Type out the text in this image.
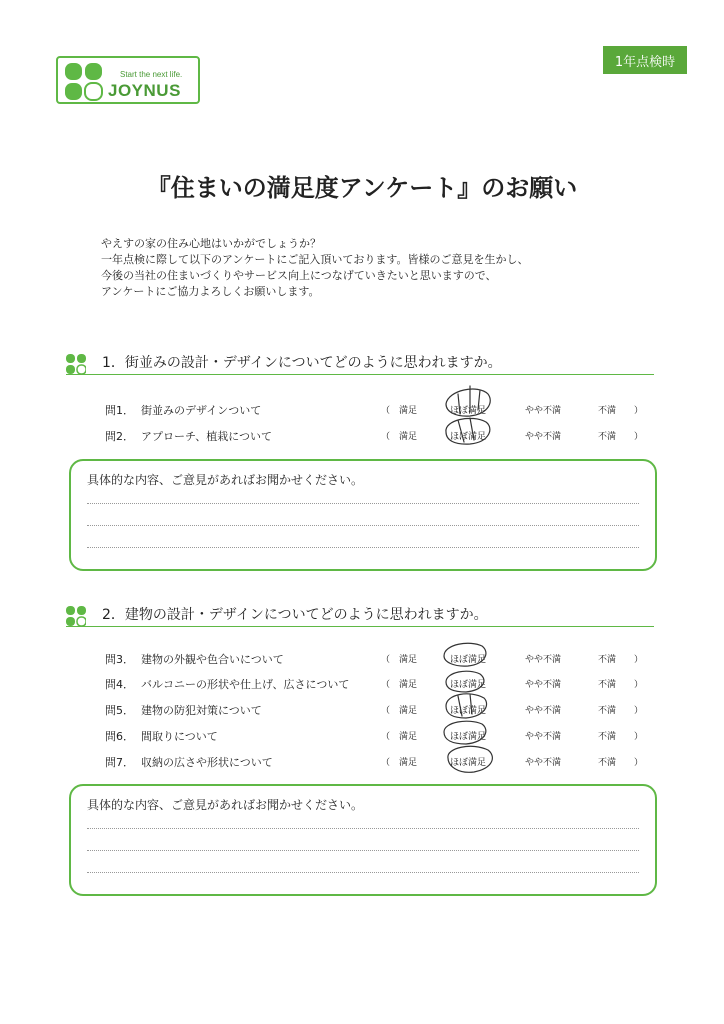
Start the next life.
JOYNUS
1年点検時
『住まいの満足度アンケート』のお願い
やえすの家の住み心地はいかがでしょうか？
一年点検に際して以下のアンケートにご記入頂いております。皆様のご意見を生かし、
今後の当社の住まいづくりやサービス向上につなげていきたいと思いますので、
アンケートにご協力よろしくお願いします。
1．街並みの設計・デザインについてどのように思われますか。
問1． 街並みのデザインついて	（　 満足	ほぼ満足	やや不満	不満　　 ）
問2． アプローチ、植栽について	（　 満足	ほぼ満足	やや不満	不満　　 ）
具体的な内容、ご意見があればお聞かせください。
2．建物の設計・デザインについてどのように思われますか。
問3． 建物の外観や色合いについて	（　 満足	ほぼ満足	やや不満	不満　　 ）
問4． バルコニーの形状や仕上げ、広さについて	（　 満足	ほぼ満足	やや不満	不満　　 ）
問5． 建物の防犯対策について	（　 満足	ほぼ満足	やや不満	不満　　 ）
問6． 間取りについて	（　 満足	ほぼ満足	やや不満	不満　　 ）
問7． 収納の広さや形状について	（　 満足	ほぼ満足	やや不満	不満　　 ）
具体的な内容、ご意見があればお聞かせください。
